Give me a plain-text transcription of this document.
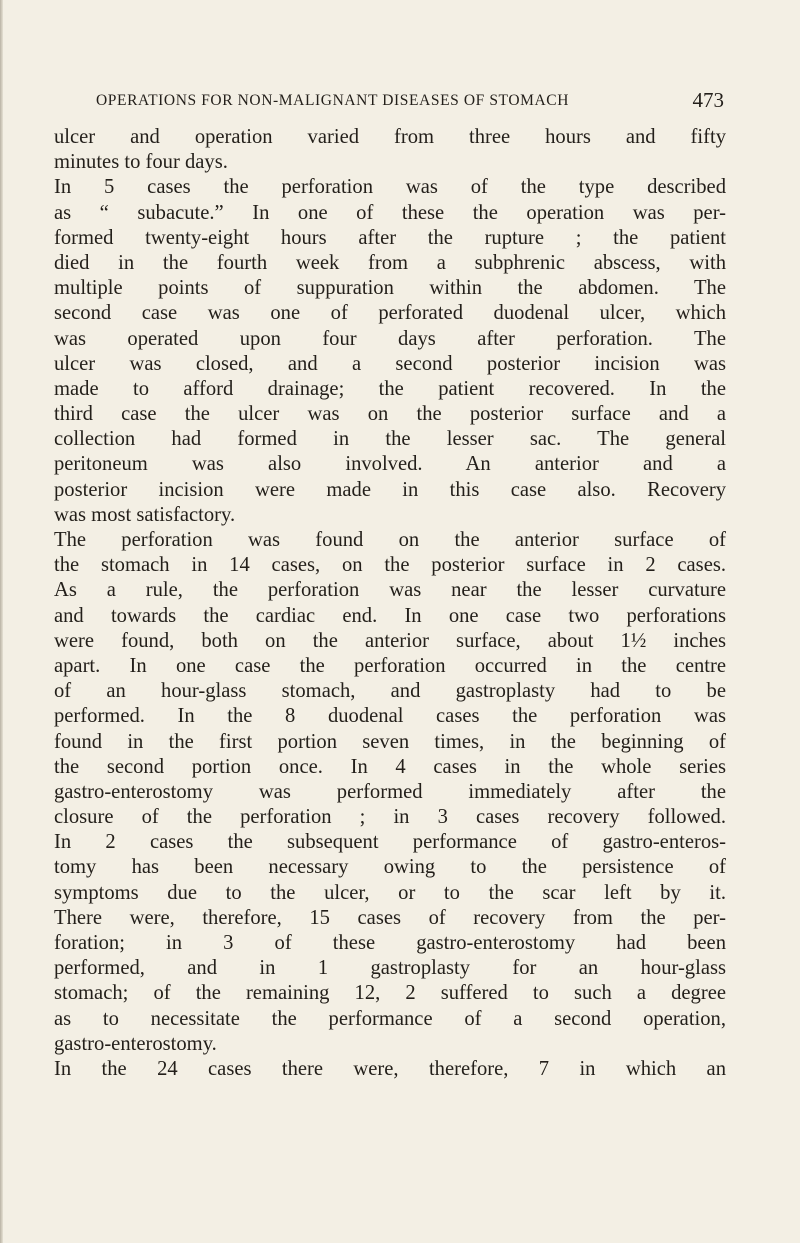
OPERATIONS FOR NON-MALIGNANT DISEASES OF STOMACH	473
ulcer and operation varied from three hours and fifty
minutes to four days.
In 5 cases the perforation was of the type described
as “ subacute.” In one of these the operation was per-
formed twenty-eight hours after the rupture ; the patient
died in the fourth week from a subphrenic abscess, with
multiple points of suppuration within the abdomen. The
second case was one of perforated duodenal ulcer, which
was operated upon four days after perforation. The
ulcer was closed, and a second posterior incision was
made to afford drainage; the patient recovered. In the
third case the ulcer was on the posterior surface and a
collection had formed in the lesser sac. The general
peritoneum was also involved. An anterior and a
posterior incision were made in this case also. Recovery
was most satisfactory.
The perforation was found on the anterior surface of
the stomach in 14 cases, on the posterior surface in 2 cases.
As a rule, the perforation was near the lesser curvature
and towards the cardiac end. In one case two perforations
were found, both on the anterior surface, about 1½ inches
apart. In one case the perforation occurred in the centre
of an hour-glass stomach, and gastroplasty had to be
performed. In the 8 duodenal cases the perforation was
found in the first portion seven times, in the beginning of
the second portion once. In 4 cases in the whole series
gastro-enterostomy was performed immediately after the
closure of the perforation ; in 3 cases recovery followed.
In 2 cases the subsequent performance of gastro-enteros-
tomy has been necessary owing to the persistence of
symptoms due to the ulcer, or to the scar left by it.
There were, therefore, 15 cases of recovery from the per-
foration; in 3 of these gastro-enterostomy had been
performed, and in 1 gastroplasty for an hour-glass
stomach; of the remaining 12, 2 suffered to such a degree
as to necessitate the performance of a second operation,
gastro-enterostomy.
In the 24 cases there were, therefore, 7 in which an
